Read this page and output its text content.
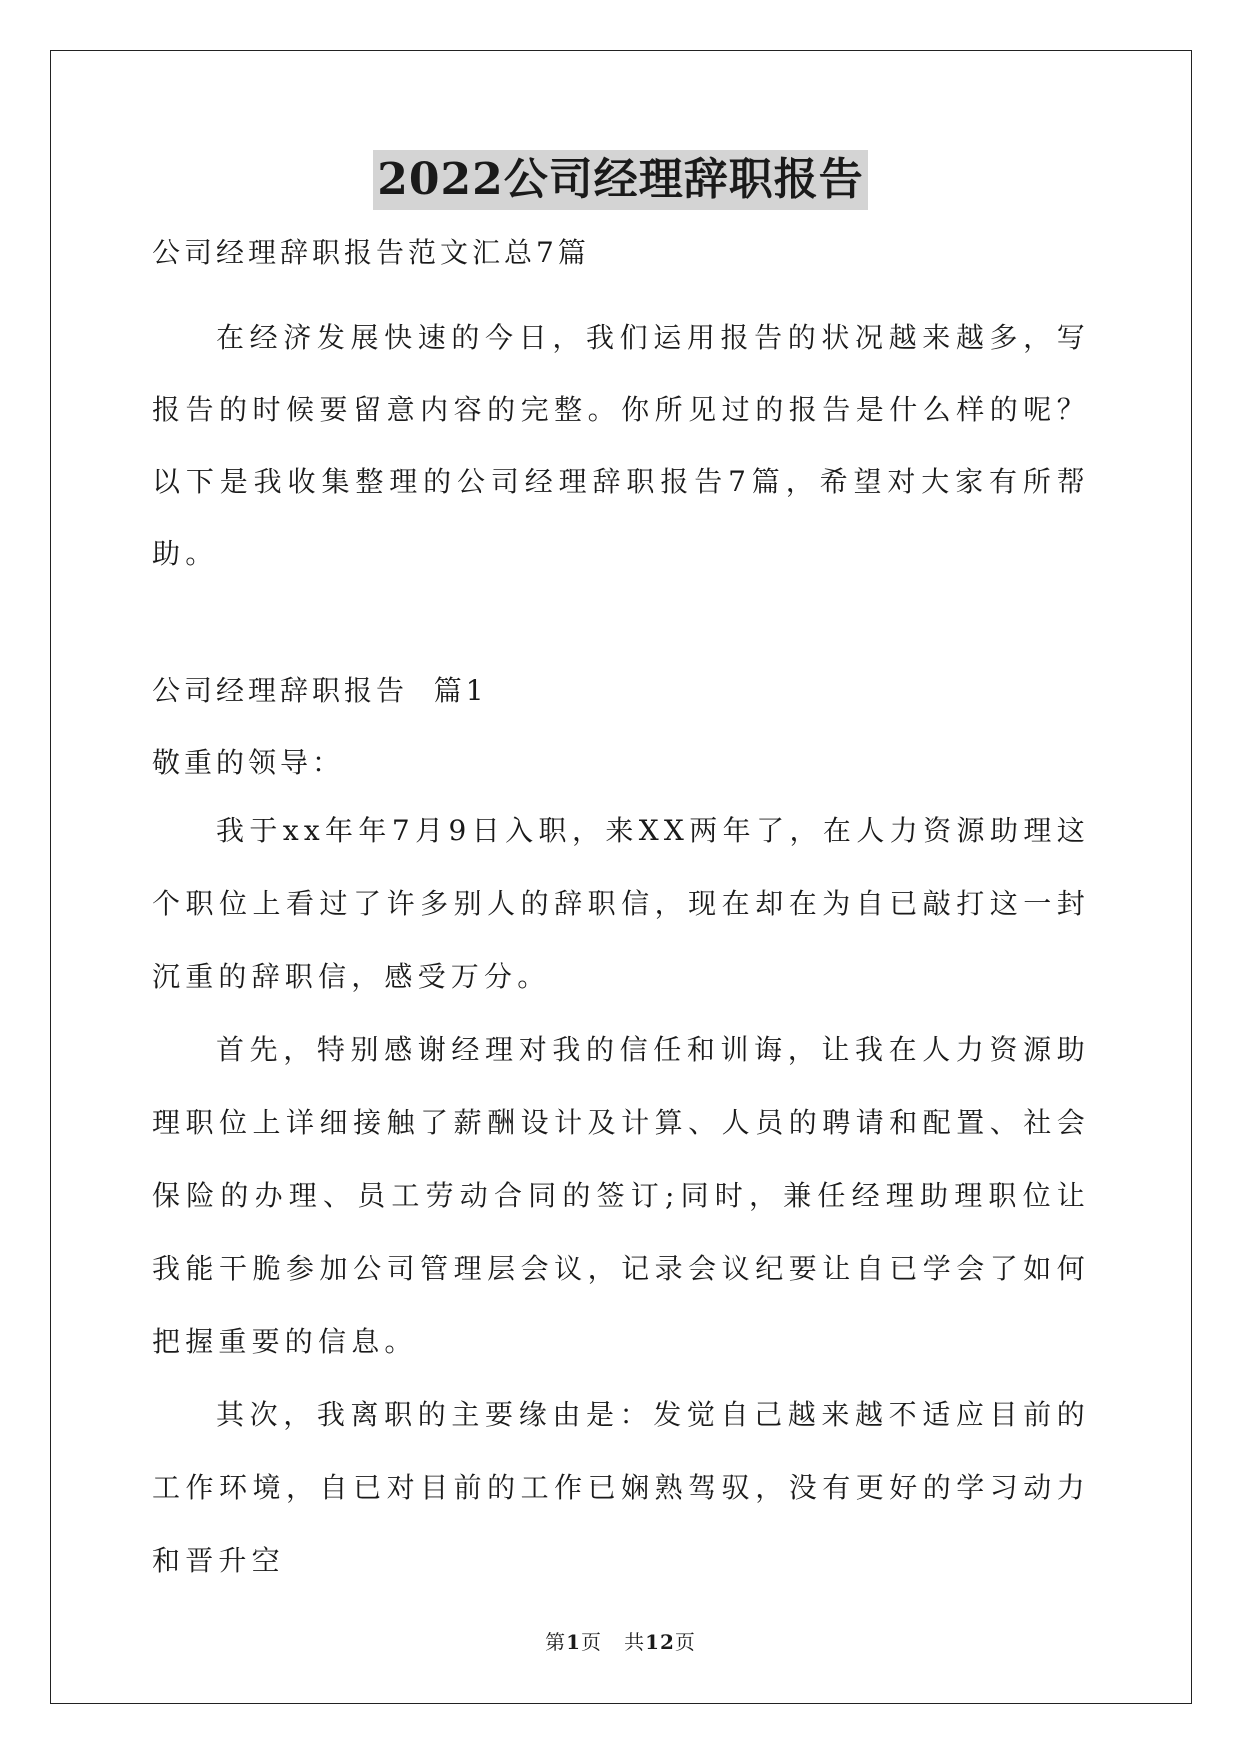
2022公司经理辞职报告

公司经理辞职报告范文汇总7篇

在经济发展快速的今日，我们运用报告的状况越来越多，写报告的时候要留意内容的完整。你所见过的报告是什么样的呢？以下是我收集整理的公司经理辞职报告7篇，希望对大家有所帮助。

公司经理辞职报告  篇1

敬重的领导：

我于xx年年7月9日入职，来XX两年了，在人力资源助理这个职位上看过了许多别人的辞职信，现在却在为自已敲打这一封沉重的辞职信，感受万分。

首先，特别感谢经理对我的信任和训诲，让我在人力资源助理职位上详细接触了薪酬设计及计算、人员的聘请和配置、社会保险的办理、员工劳动合同的签订;同时，兼任经理助理职位让我能干脆参加公司管理层会议，记录会议纪要让自已学会了如何把握重要的信息。

其次，我离职的主要缘由是：发觉自己越来越不适应目前的工作环境，自已对目前的工作已娴熟驾驭，没有更好的学习动力和晋升空

第1页   共12页
